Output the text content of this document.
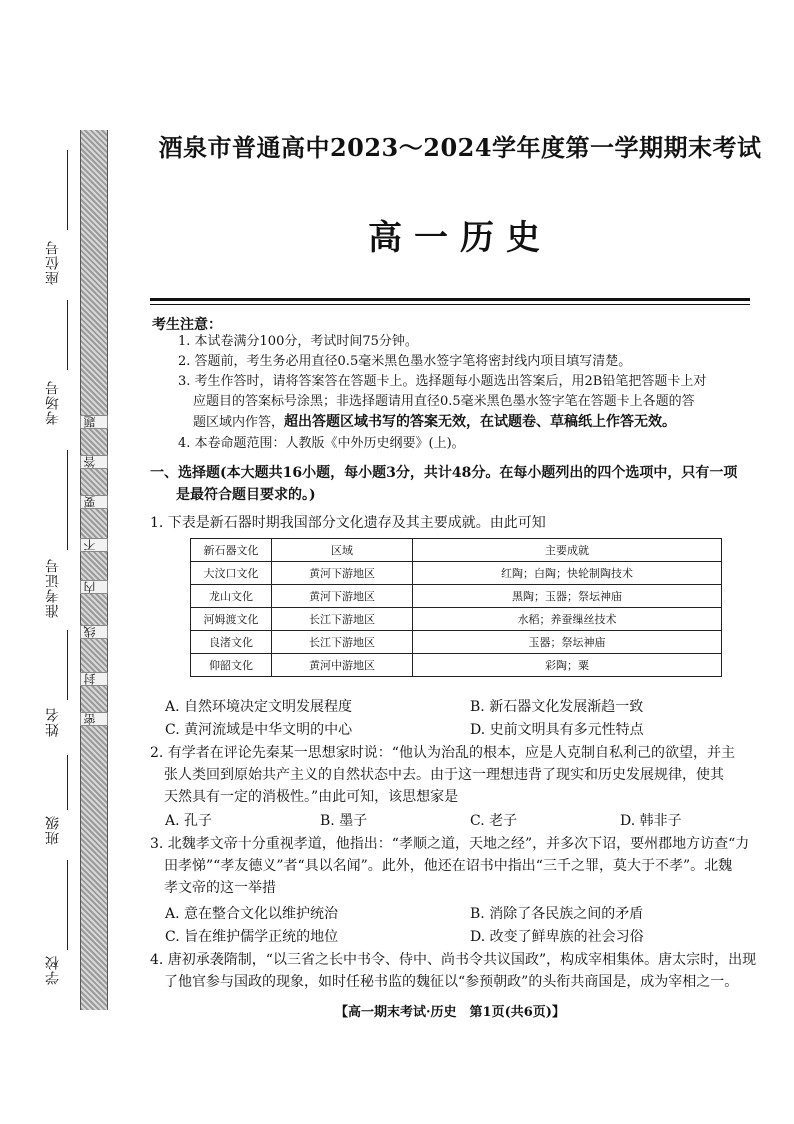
题
答
要
不
内
线
封
密
座位号
考场号
准考证号
姓名
班级
学校
酒泉市普通高中2023～2024学年度第一学期期末考试
高一历史
考生注意：
1. 本试卷满分100分，考试时间75分钟。
2. 答题前，考生务必用直径0.5毫米黑色墨水签字笔将密封线内项目填写清楚。
3. 考生作答时，请将答案答在答题卡上。选择题每小题选出答案后，用2B铅笔把答题卡上对
应题目的答案标号涂黑；非选择题请用直径0.5毫米黑色墨水签字笔在答题卡上各题的答
题区域内作答，超出答题区域书写的答案无效，在试题卷、草稿纸上作答无效。
4. 本卷命题范围：人教版《中外历史纲要》(上)。
一、选择题(本大题共16小题，每小题3分，共计48分。在每小题列出的四个选项中，只有一项
是最符合题目要求的。)
1. 下表是新石器时期我国部分文化遗存及其主要成就。由此可知
新石器文化	区域	主要成就
大汶口文化	黄河下游地区	红陶；白陶；快轮制陶技术
龙山文化	黄河下游地区	黑陶；玉器；祭坛神庙
河姆渡文化	长江下游地区	水稻；养蚕缫丝技术
良渚文化	长江下游地区	玉器；祭坛神庙
仰韶文化	黄河中游地区	彩陶；粟
A. 自然环境决定文明发展程度	B. 新石器文化发展渐趋一致
C. 黄河流域是中华文明的中心	D. 史前文明具有多元性特点
2. 有学者在评论先秦某一思想家时说：“他认为治乱的根本，应是人克制自私利己的欲望，并主
张人类回到原始共产主义的自然状态中去。由于这一理想违背了现实和历史发展规律，使其
天然具有一定的消极性。”由此可知，该思想家是
A. 孔子	B. 墨子	C. 老子	D. 韩非子
3. 北魏孝文帝十分重视孝道，他指出：“孝顺之道，天地之经”，并多次下诏，要州郡地方访查“力
田孝悌”“孝友德义”者“具以名闻”。此外，他还在诏书中指出“三千之罪，莫大于不孝”。北魏
孝文帝的这一举措
A. 意在整合文化以维护统治	B. 消除了各民族之间的矛盾
C. 旨在维护儒学正统的地位	D. 改变了鲜卑族的社会习俗
4. 唐初承袭隋制，“以三省之长中书令、侍中、尚书令共议国政”，构成宰相集体。唐太宗时，出现
了他官参与国政的现象，如时任秘书监的魏征以“参预朝政”的头衔共商国是，成为宰相之一。
【高一期末考试·历史　第1页(共6页)】
